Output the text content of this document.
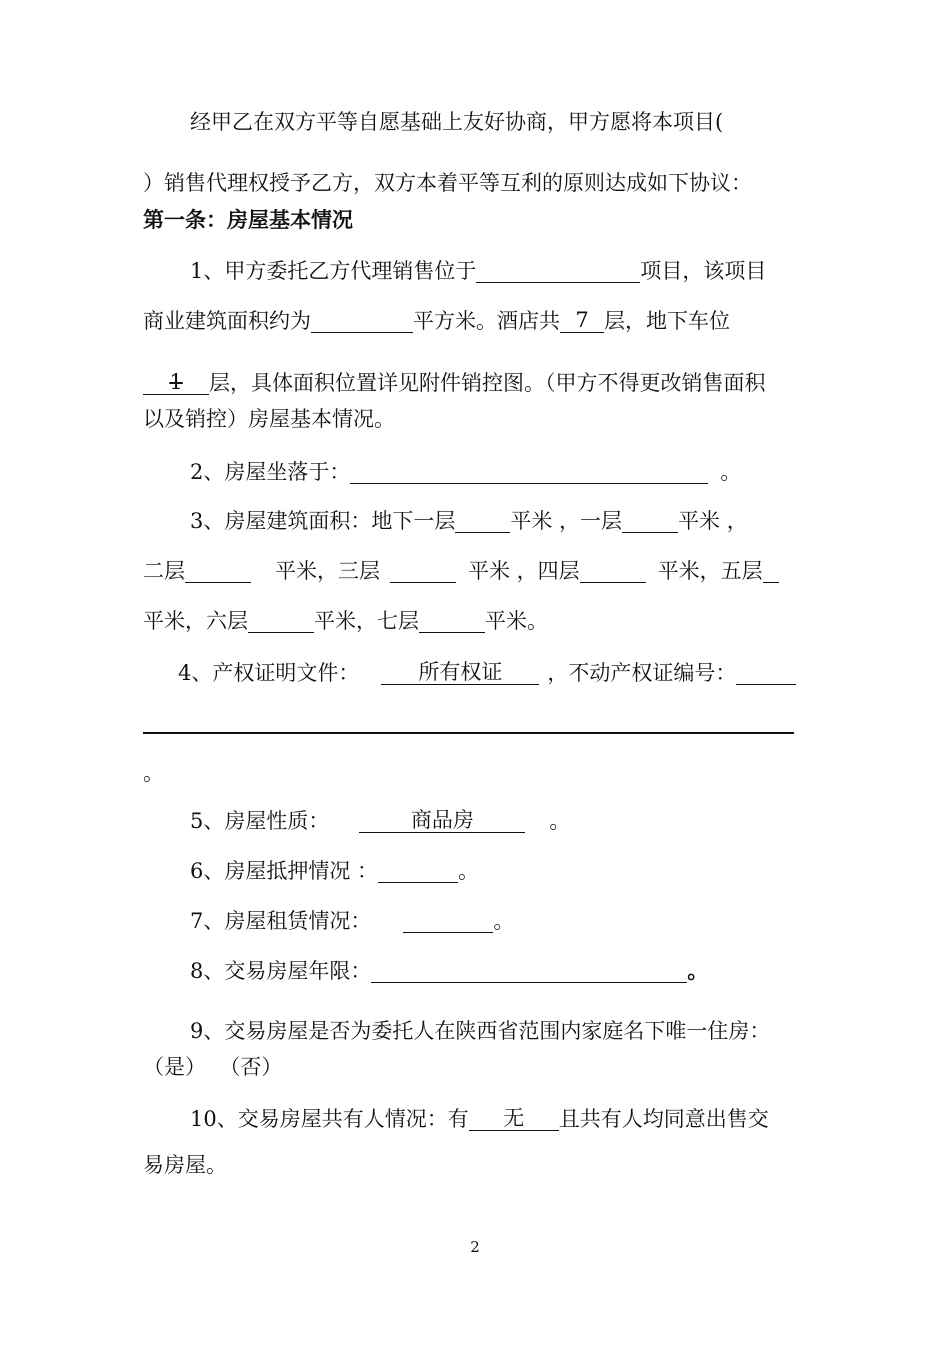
经甲乙在双方平等自愿基础上友好协商，甲方愿将本项目(
）销售代理权授予乙方，双方本着平等互利的原则达成如下协议：
第一条：房屋基本情况
1、甲方委托乙方代理销售位于	项目，该项目
商业建筑面积约为	平方米。酒店共 7 层，地下车位
1 层，具体面积位置详见附件销控图。（甲方不得更改销售面积
以及销控）房屋基本情况。
2、房屋坐落于：	。
3、房屋建筑面积：地下一层	平米 ，一层	平米 ，
二层	平米，三层	平米 ，四层	平米，五层
平米，六层	平米，七层	平米。
4、产权证明文件：	所有权证 ，不动产权证编号：
。
5、房屋性质：	商品房	。
6、房屋抵押情况 ：	。
7、房屋租赁情况：	。
8、交易房屋年限：	。
9、交易房屋是否为委托人在陕西省范围内家庭名下唯一住房：
（是）  （否）
10、交易房屋共有人情况：有 无 且共有人均同意出售交
易房屋。
2
